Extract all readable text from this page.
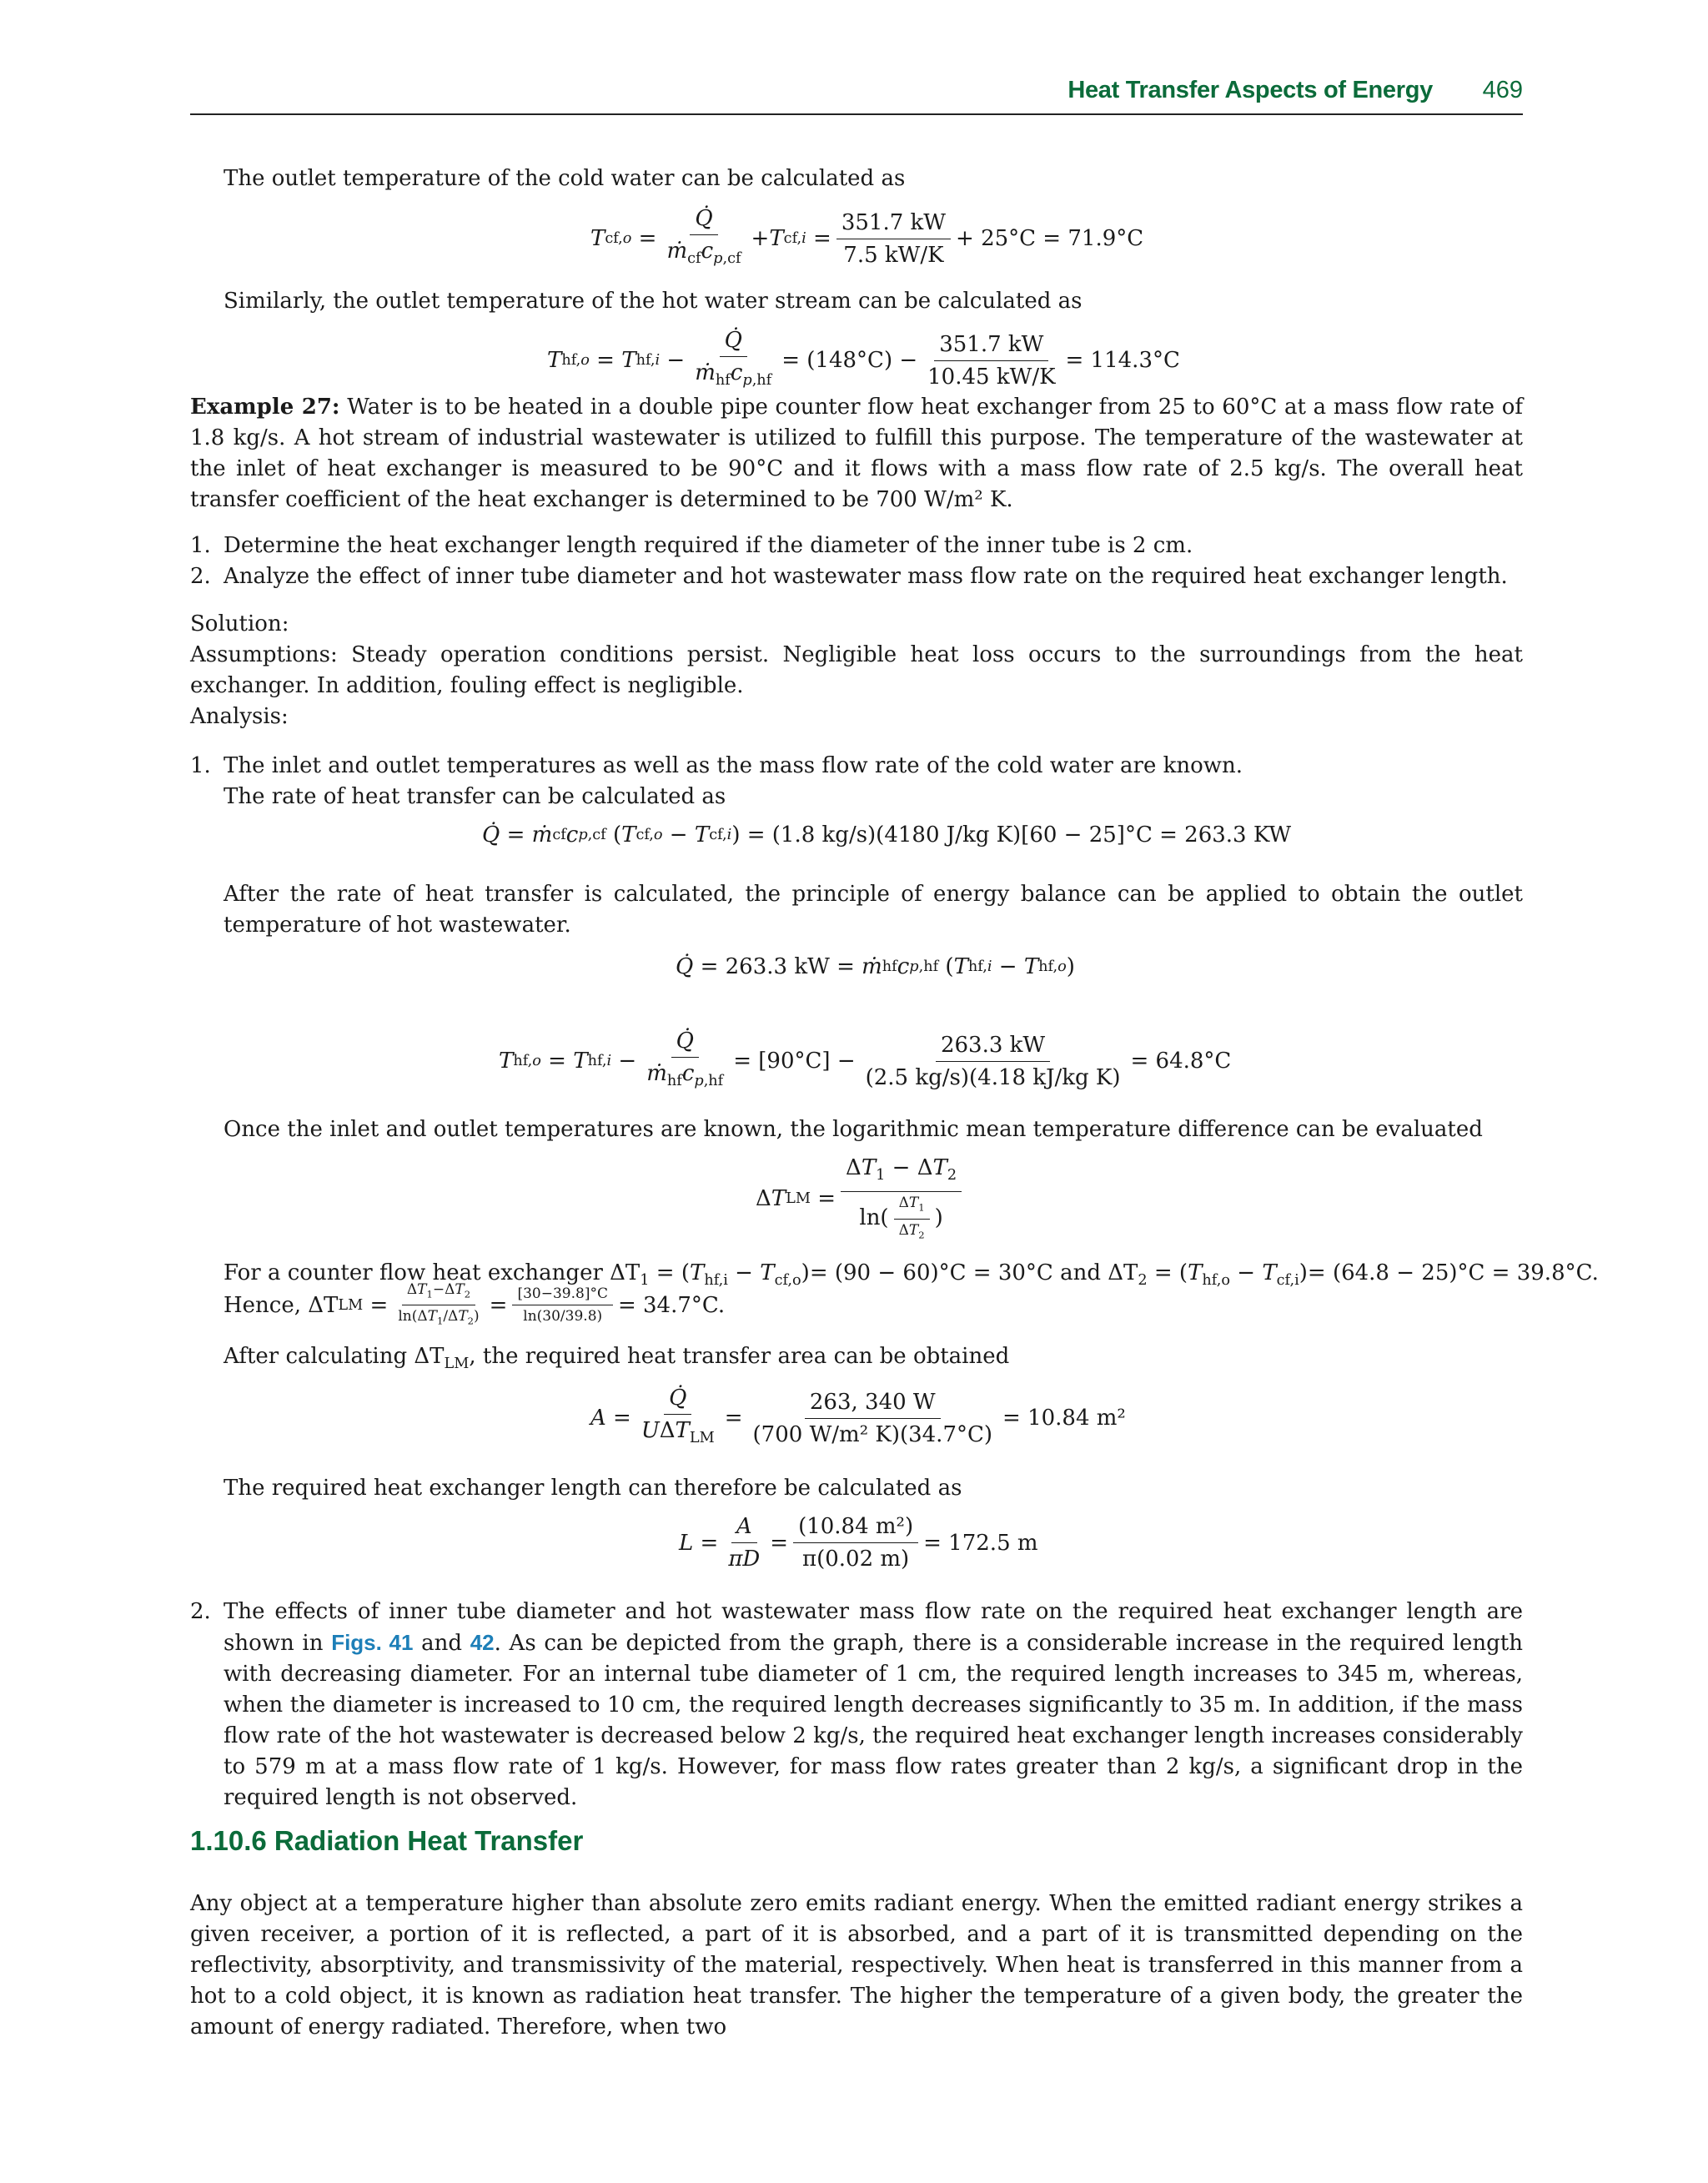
Heat Transfer Aspects of Energy 469
The outlet temperature of the cold water can be calculated as
T $cf,o = \frac{Q̇}{ṁ_{cf}c_{p,cf}} + T$ $cf,i = \frac{351.7 kW}{7.5 kW/K} + 25^\circ C = 71.9^\circ C$
Similarly, the outlet temperature of the hot water stream can be calculated as
T hf,o = T $hf,i - \frac{Q̇}{ṁ_{hf}c_{p,hf}} = (148^\circ C) - \frac{351.7 kW}{10.45 kW/K} = 114.3^\circ C$
Example 27: Water is to be heated in a double pipe counter flow heat exchanger from 25 to 60°C at a mass flow rate of 1.8 kg/s. A hot stream of industrial wastewater is utilized to fulfill this purpose. The temperature of the wastewater at the inlet of heat exchanger is measured to be 90°C and it flows with a mass flow rate of 2.5 kg/s. The overall heat transfer coefficient of the heat exchanger is determined to be 700 W/m² K.
1. Determine the heat exchanger length required if the diameter of the inner tube is 2 cm.
2. Analyze the effect of inner tube diameter and hot wastewater mass flow rate on the required heat exchanger length.
Solution:
Assumptions: Steady operation conditions persist. Negligible heat loss occurs to the surroundings from the heat exchanger. In addition, fouling effect is negligible.
Analysis:
1. The inlet and outlet temperatures as well as the mass flow rate of the cold water are known.
The rate of heat transfer can be calculated as
Q̇ = ṁ cf c p,cf ( T cf,o − T cf,i ) = (1.8 kg/s)(4180 J/kg K)[60 − 25]°C = 263.3 KW
After the rate of heat transfer is calculated, the principle of energy balance can be applied to obtain the outlet temperature of hot wastewater.
Q̇
= 263.3 kW =
ṁ hf c p,hf ( T hf,i − T hf,o )
T hf,o = T $hf,i - \frac{Q̇}{ṁ_{hf}c_{p,hf}} = [90^\circ C] - \frac{263.3 kW}{\text{(2.5 kg/s)(4.18 kJ/kg K)}} = 64.8^\circ C$
Once the inlet and outlet temperatures are known, the logarithmic mean temperature difference can be evaluated
Δ T LM = $\frac{\Delta T_1 - \Delta T_2}{\ln( \frac{\Delta T_1}{\Delta T_2} )}$
For a counter flow heat exchanger $\Delta T_1 = (T_{hf,i} - T_{cf,o})= (90 - 60)^\circ C = 30^\circ C$ and $\Delta T_2 = (T_{hf,o} - T_{cf,i})= (64.8 - 25)^\circ C = 39.8^\circ C$.
Hence, ΔT LM = $\frac{\Delta T_1-\Delta T_2}{\ln(\Delta T_1/\Delta T_2)} = \frac{[30-39.8]^\circ C}{\ln(30/39.8)} = 34.7^\circ C$.
After calculating $\Delta T_{LM}$, the required heat transfer area can be obtained
$A = \frac{Q̇}{U\Delta T_{LM}} = \frac{263, 340 W}{\text{(700 W/m² K)(34.7°C)}} = 10.84$ m²
The required heat exchanger length can therefore be calculated as
$L = \frac{A}{\pi D} = \frac{\text{(10.84 m²)}}{\pi(0.02 m)} = 172.5$ m
2. The effects of inner tube diameter and hot wastewater mass flow rate on the required heat exchanger length are shown in Figs. 41 and 42. As can be depicted from the graph, there is a considerable increase in the required length with decreasing diameter. For an internal tube diameter of 1 cm, the required length increases to 345 m, whereas, when the diameter is increased to 10 cm, the required length decreases significantly to 35 m. In addition, if the mass flow rate of the hot wastewater is decreased below 2 kg/s, the required heat exchanger length increases considerably to 579 m at a mass flow rate of 1 kg/s. However, for mass flow rates greater than 2 kg/s, a significant drop in the required length is not observed.
1.10.6 Radiation Heat Transfer
Any object at a temperature higher than absolute zero emits radiant energy. When the emitted radiant energy strikes a given receiver, a portion of it is reflected, a part of it is absorbed, and a part of it is transmitted depending on the reflectivity, absorptivity, and transmissivity of the material, respectively. When heat is transferred in this manner from a hot to a cold object, it is known as radiation heat transfer. The higher the temperature of a given body, the greater the amount of energy radiated. Therefore, when two
